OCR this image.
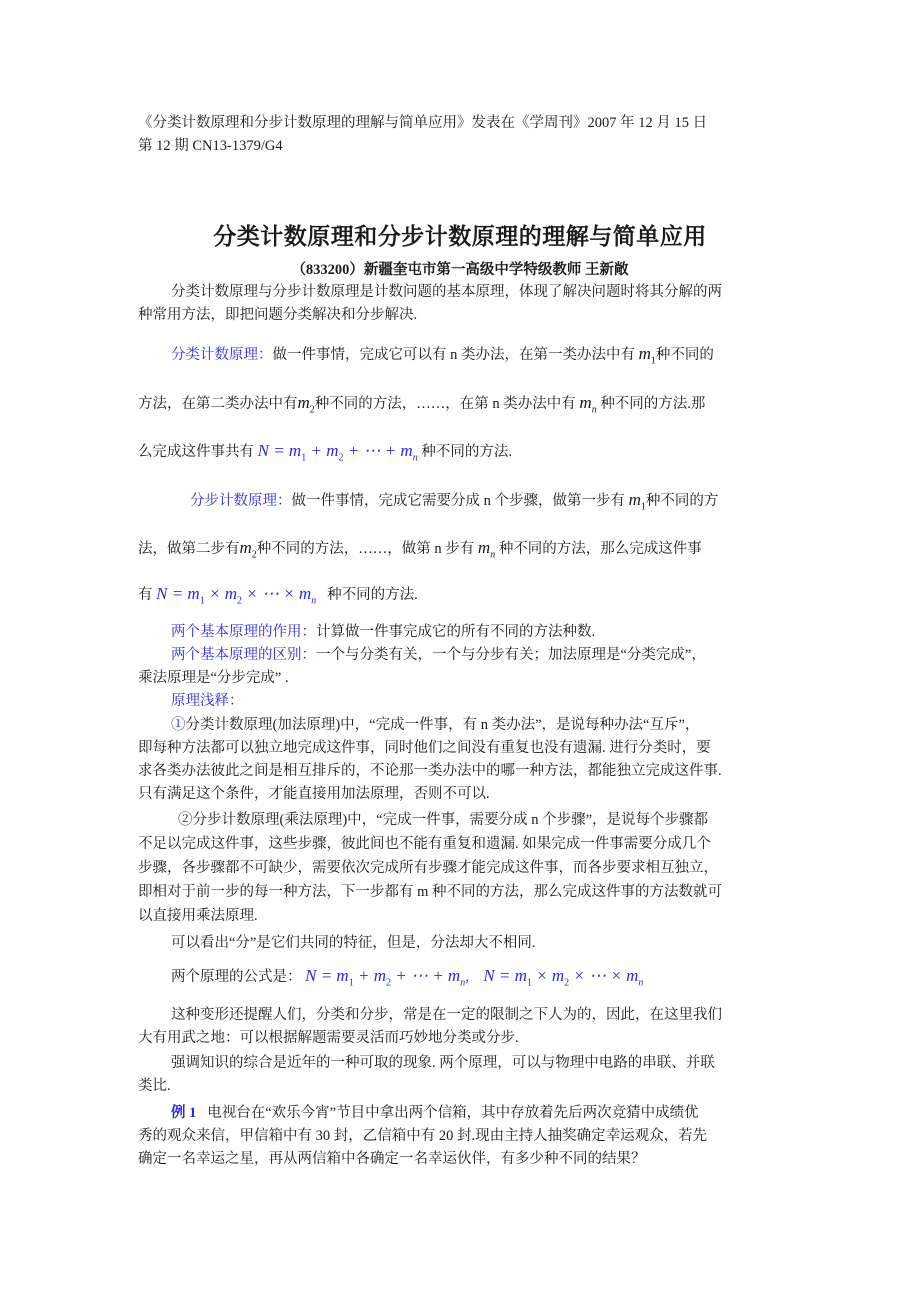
《分类计数原理和分步计数原理的理解与简单应用》发表在《学周刊》2007 年 12 月 15 日
第 12 期 CN13-1379/G4
分类计数原理和分步计数原理的理解与简单应用
（833200）新疆奎屯市第一高级中学特级教师 王新敞
分类计数原理与分步计数原理是计数问题的基本原理，体现了解决问题时将其分解的两
种常用方法，即把问题分类解决和分步解决.
分类计数原理：做一件事情，完成它可以有 n 类办法，在第一类办法中有 $m_1$种不同的
方法，在第二类办法中有$m_2$种不同的方法，……，在第 n 类办法中有 $m_n$ 种不同的方法.那
么完成这件事共有 $N = m_1 + m_2$ + ⋯ + $m_n$ 种不同的方法.
分步计数原理：做一件事情，完成它需要分成 n 个步骤，做第一步有 $m_1$种不同的方
法，做第二步有$m_2$种不同的方法，……，做第 n 步有 $m_n$ 种不同的方法，那么完成这件事
有 $N = m_1 \times m_2$ × ⋯ × $m_n$ 种不同的方法.
两个基本原理的作用：计算做一件事完成它的所有不同的方法种数.
两个基本原理的区别：一个与分类有关，一个与分步有关；加法原理是“分类完成”，
乘法原理是“分步完成” .
原理浅释：
①分类计数原理(加法原理)中，“完成一件事，有 n 类办法”，是说每种办法“互斥”，
即每种方法都可以独立地完成这件事，同时他们之间没有重复也没有遗漏. 进行分类时，要
求各类办法彼此之间是相互排斥的，不论那一类办法中的哪一种方法，都能独立完成这件事.
只有满足这个条件，才能直接用加法原理，否则不可以.
②分步计数原理(乘法原理)中，“完成一件事，需要分成 n 个步骤”，是说每个步骤都
不足以完成这件事，这些步骤，彼此间也不能有重复和遗漏. 如果完成一件事需要分成几个
步骤，各步骤都不可缺少，需要依次完成所有步骤才能完成这件事，而各步要求相互独立，
即相对于前一步的每一种方法，下一步都有 m 种不同的方法，那么完成这件事的方法数就可
以直接用乘法原理.
可以看出“分”是它们共同的特征，但是，分法却大不相同.
两个原理的公式是： $N = m_1 + m_2$ + ⋯ + $m_n$, $N = m_1 \times m_2$ × ⋯ × $m_n$
这种变形还提醒人们，分类和分步，常是在一定的限制之下人为的，因此，在这里我们
大有用武之地：可以根据解题需要灵活而巧妙地分类或分步.
强调知识的综合是近年的一种可取的现象. 两个原理，可以与物理中电路的串联、并联
类比.
例 1 电视台在“欢乐今宵”节目中拿出两个信箱，其中存放着先后两次竞猜中成绩优
秀的观众来信，甲信箱中有 30 封，乙信箱中有 20 封.现由主持人抽奖确定幸运观众，若先
确定一名幸运之星，再从两信箱中各确定一名幸运伙伴，有多少种不同的结果？
